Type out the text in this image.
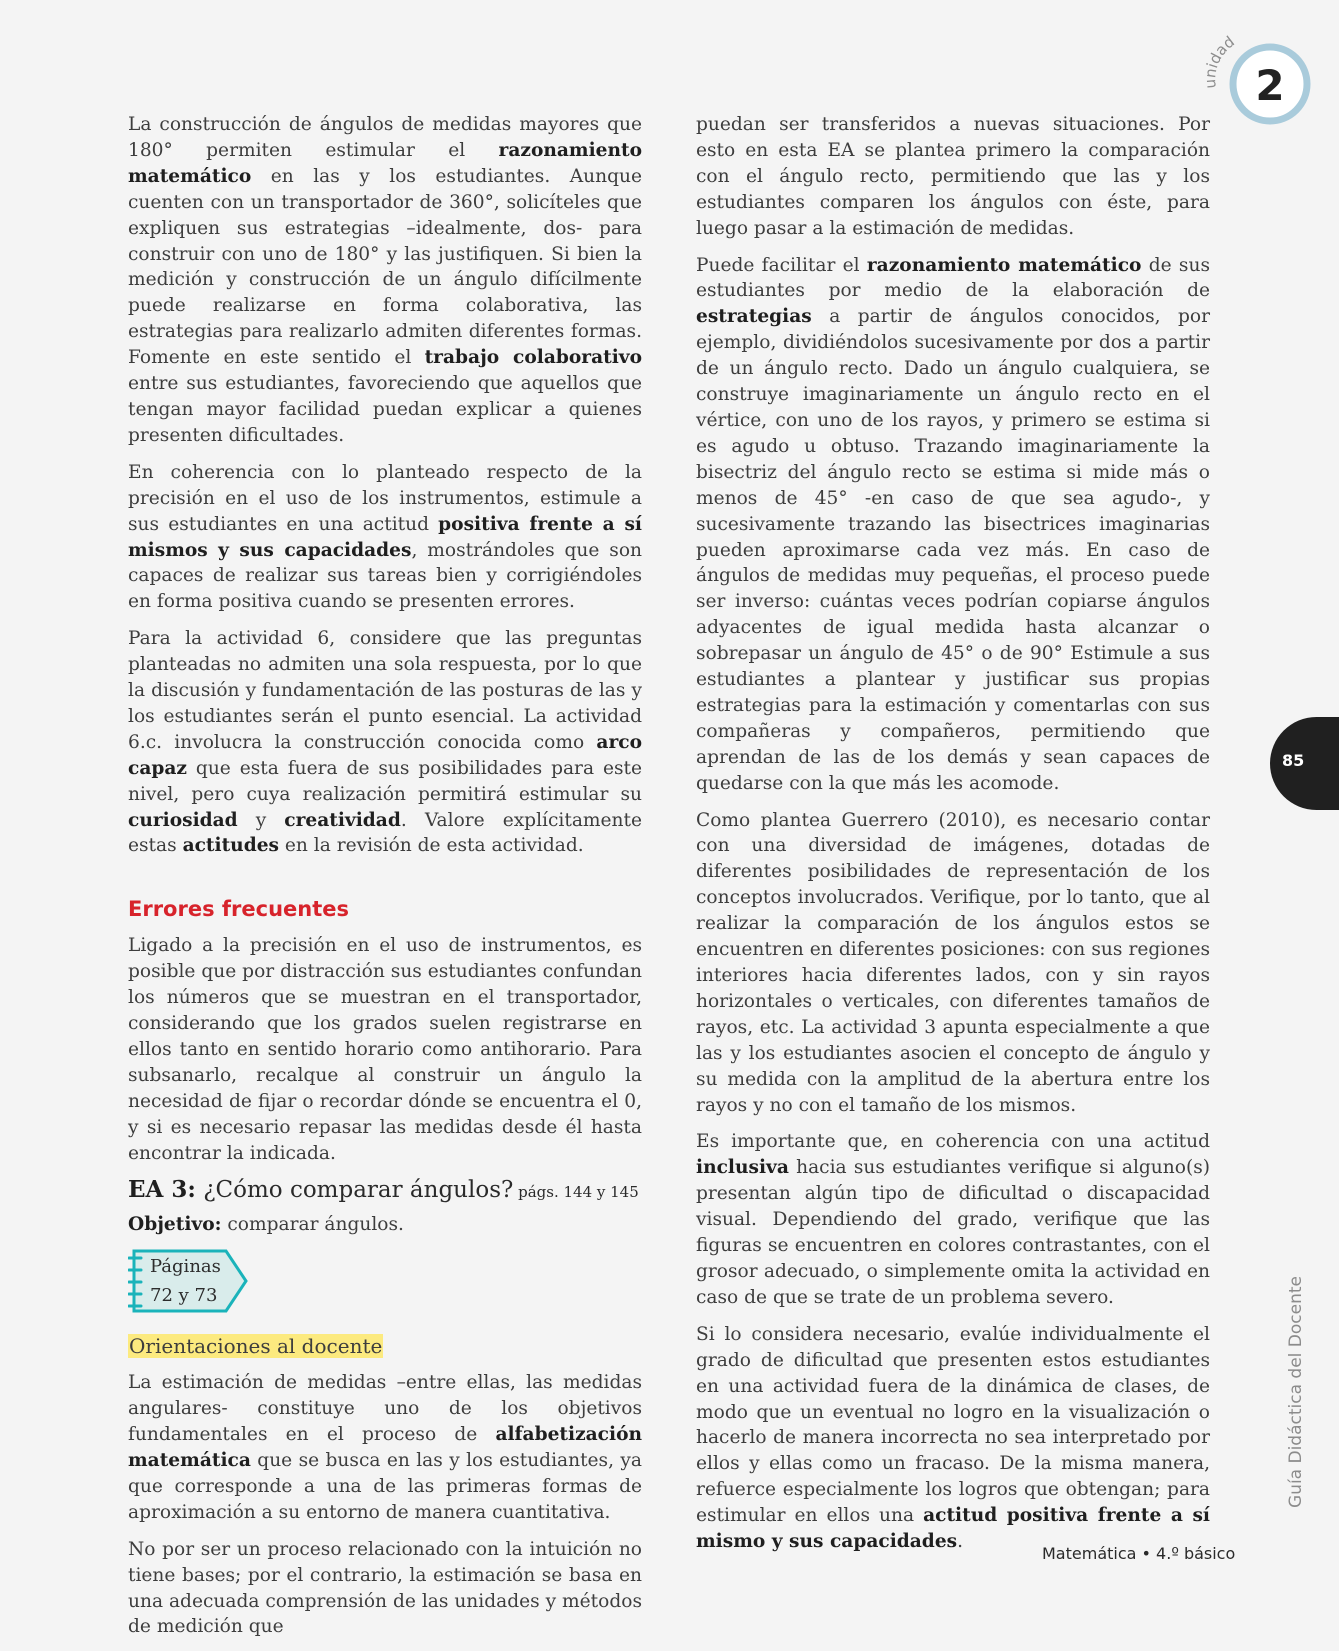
unidad
2

La construcción de ángulos de medidas mayores que 180° permiten estimular el razonamiento matemático en las y los estudiantes. Aunque cuenten con un transportador de 360°, solicíteles que expliquen sus estrategias –idealmente, dos- para construir con uno de 180° y las justifiquen. Si bien la medición y construcción de un ángulo difícilmente puede realizarse en forma colaborativa, las estrategias para realizarlo admiten diferentes formas. Fomente en este sentido el trabajo colaborativo entre sus estudiantes, favoreciendo que aquellos que tengan mayor facilidad puedan explicar a quienes presenten dificultades.

En coherencia con lo planteado respecto de la precisión en el uso de los instrumentos, estimule a sus estudiantes en una actitud positiva frente a sí mismos y sus capacidades, mostrándoles que son capaces de realizar sus tareas bien y corrigiéndoles en forma positiva cuando se presenten errores.

Para la actividad 6, considere que las preguntas planteadas no admiten una sola respuesta, por lo que la discusión y fundamentación de las posturas de las y los estudiantes serán el punto esencial. La actividad 6.c. involucra la construcción conocida como arco capaz que esta fuera de sus posibilidades para este nivel, pero cuya realización permitirá estimular su curiosidad y creatividad. Valore explícitamente estas actitudes en la revisión de esta actividad.

Errores frecuentes

Ligado a la precisión en el uso de instrumentos, es posible que por distracción sus estudiantes confundan los números que se muestran en el transportador, considerando que los grados suelen registrarse en ellos tanto en sentido horario como antihorario. Para subsanarlo, recalque al construir un ángulo la necesidad de fijar o recordar dónde se encuentra el 0, y si es necesario repasar las medidas desde él hasta encontrar la indicada.

EA 3: ¿Cómo comparar ángulos? págs. 144 y 145
Objetivo: comparar ángulos.
Páginas
72 y 73
Orientaciones al docente

La estimación de medidas –entre ellas, las medidas angulares- constituye uno de los objetivos fundamentales en el proceso de alfabetización matemática que se busca en las y los estudiantes, ya que corresponde a una de las primeras formas de aproximación a su entorno de manera cuantitativa.

No por ser un proceso relacionado con la intuición no tiene bases; por el contrario, la estimación se basa en una adecuada comprensión de las unidades y métodos de medición que

puedan ser transferidos a nuevas situaciones. Por esto en esta EA se plantea primero la comparación con el ángulo recto, permitiendo que las y los estudiantes comparen los ángulos con éste, para luego pasar a la estimación de medidas.

Puede facilitar el razonamiento matemático de sus estudiantes por medio de la elaboración de estrategias a partir de ángulos conocidos, por ejemplo, dividiéndolos sucesivamente por dos a partir de un ángulo recto. Dado un ángulo cualquiera, se construye imaginariamente un ángulo recto en el vértice, con uno de los rayos, y primero se estima si es agudo u obtuso. Trazando imaginariamente la bisectriz del ángulo recto se estima si mide más o menos de 45° -en caso de que sea agudo-, y sucesivamente trazando las bisectrices imaginarias pueden aproximarse cada vez más. En caso de ángulos de medidas muy pequeñas, el proceso puede ser inverso: cuántas veces podrían copiarse ángulos adyacentes de igual medida hasta alcanzar o sobrepasar un ángulo de 45° o de 90° Estimule a sus estudiantes a plantear y justificar sus propias estrategias para la estimación y comentarlas con sus compañeras y compañeros, permitiendo que aprendan de las de los demás y sean capaces de quedarse con la que más les acomode.

Como plantea Guerrero (2010), es necesario contar con una diversidad de imágenes, dotadas de diferentes posibilidades de representación de los conceptos involucrados. Verifique, por lo tanto, que al realizar la comparación de los ángulos estos se encuentren en diferentes posiciones: con sus regiones interiores hacia diferentes lados, con y sin rayos horizontales o verticales, con diferentes tamaños de rayos, etc. La actividad 3 apunta especialmente a que las y los estudiantes asocien el concepto de ángulo y su medida con la amplitud de la abertura entre los rayos y no con el tamaño de los mismos.

Es importante que, en coherencia con una actitud inclusiva hacia sus estudiantes verifique si alguno(s) presentan algún tipo de dificultad o discapacidad visual. Dependiendo del grado, verifique que las figuras se encuentren en colores contrastantes, con el grosor adecuado, o simplemente omita la actividad en caso de que se trate de un problema severo.

Si lo considera necesario, evalúe individualmente el grado de dificultad que presenten estos estudiantes en una actividad fuera de la dinámica de clases, de modo que un eventual no logro en la visualización o hacerlo de manera incorrecta no sea interpretado por ellos y ellas como un fracaso. De la misma manera, refuerce especialmente los logros que obtengan; para estimular en ellos una actitud positiva frente a sí mismo y sus capacidades.

85
Guía Didáctica del Docente
Matemática • 4.º básico
